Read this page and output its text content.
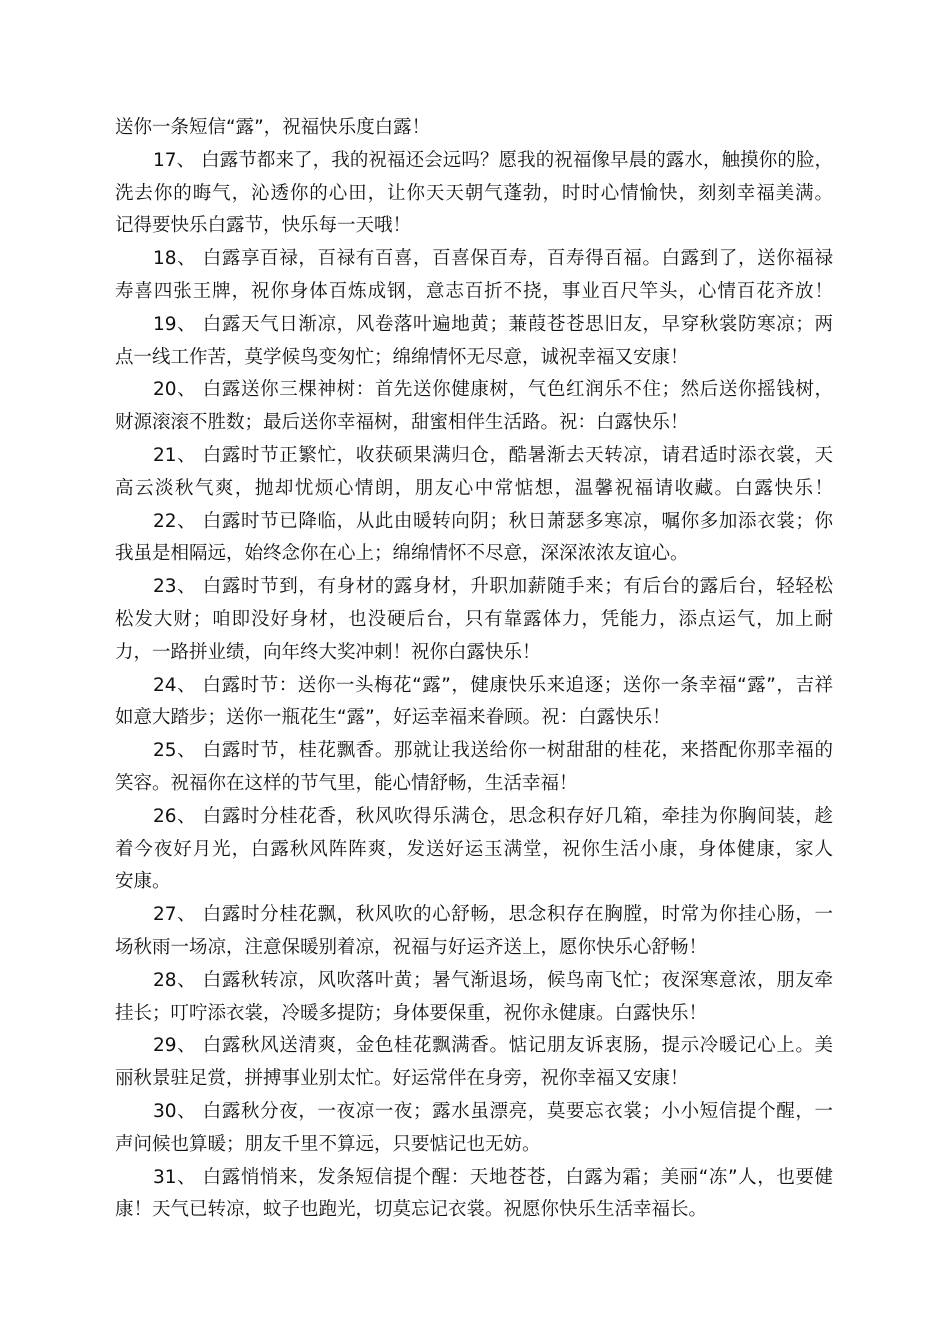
送你一条短信“露”，祝福快乐度白露！
17、 白露节都来了，我的祝福还会远吗？愿我的祝福像早晨的露水，触摸你的脸，
洗去你的晦气，沁透你的心田，让你天天朝气蓬勃，时时心情愉快，刻刻幸福美满。
记得要快乐白露节，快乐每一天哦！
18、 白露享百禄，百禄有百喜，百喜保百寿，百寿得百福。白露到了，送你福禄
寿喜四张王牌，祝你身体百炼成钢，意志百折不挠，事业百尺竿头，心情百花齐放！
19、 白露天气日渐凉，风卷落叶遍地黄；蒹葭苍苍思旧友，早穿秋裳防寒凉；两
点一线工作苦，莫学候鸟变匆忙；绵绵情怀无尽意，诚祝幸福又安康！
20、 白露送你三棵神树：首先送你健康树，气色红润乐不住；然后送你摇钱树，
财源滚滚不胜数；最后送你幸福树，甜蜜相伴生活路。祝：白露快乐！
21、 白露时节正繁忙，收获硕果满归仓，酷暑渐去天转凉，请君适时添衣裳，天
高云淡秋气爽，抛却忧烦心情朗，朋友心中常惦想，温馨祝福请收藏。白露快乐！
22、 白露时节已降临，从此由暖转向阴；秋日萧瑟多寒凉，嘱你多加添衣裳；你
我虽是相隔远，始终念你在心上；绵绵情怀不尽意，深深浓浓友谊心。
23、 白露时节到，有身材的露身材，升职加薪随手来；有后台的露后台，轻轻松
松发大财；咱即没好身材，也没硬后台，只有靠露体力，凭能力，添点运气，加上耐
力，一路拼业绩，向年终大奖冲刺！祝你白露快乐！
24、 白露时节：送你一头梅花“露”，健康快乐来追逐；送你一条幸福“露”，吉祥
如意大踏步；送你一瓶花生“露”，好运幸福来眷顾。祝：白露快乐！
25、 白露时节，桂花飘香。那就让我送给你一树甜甜的桂花，来搭配你那幸福的
笑容。祝福你在这样的节气里，能心情舒畅，生活幸福！
26、 白露时分桂花香，秋风吹得乐满仓，思念积存好几箱，牵挂为你胸间装，趁
着今夜好月光，白露秋风阵阵爽，发送好运玉满堂，祝你生活小康，身体健康，家人
安康。
27、 白露时分桂花飘，秋风吹的心舒畅，思念积存在胸膛，时常为你挂心肠，一
场秋雨一场凉，注意保暖别着凉，祝福与好运齐送上，愿你快乐心舒畅！
28、 白露秋转凉，风吹落叶黄；暑气渐退场，候鸟南飞忙；夜深寒意浓，朋友牵
挂长；叮咛添衣裳，冷暖多提防；身体要保重，祝你永健康。白露快乐！
29、 白露秋风送清爽，金色桂花飘满香。惦记朋友诉衷肠，提示冷暖记心上。美
丽秋景驻足赏，拼搏事业别太忙。好运常伴在身旁，祝你幸福又安康！
30、 白露秋分夜，一夜凉一夜；露水虽漂亮，莫要忘衣裳；小小短信提个醒，一
声问候也算暖；朋友千里不算远，只要惦记也无妨。
31、 白露悄悄来，发条短信提个醒：天地苍苍，白露为霜；美丽“冻”人，也要健
康！天气已转凉，蚊子也跑光，切莫忘记衣裳。祝愿你快乐生活幸福长。
